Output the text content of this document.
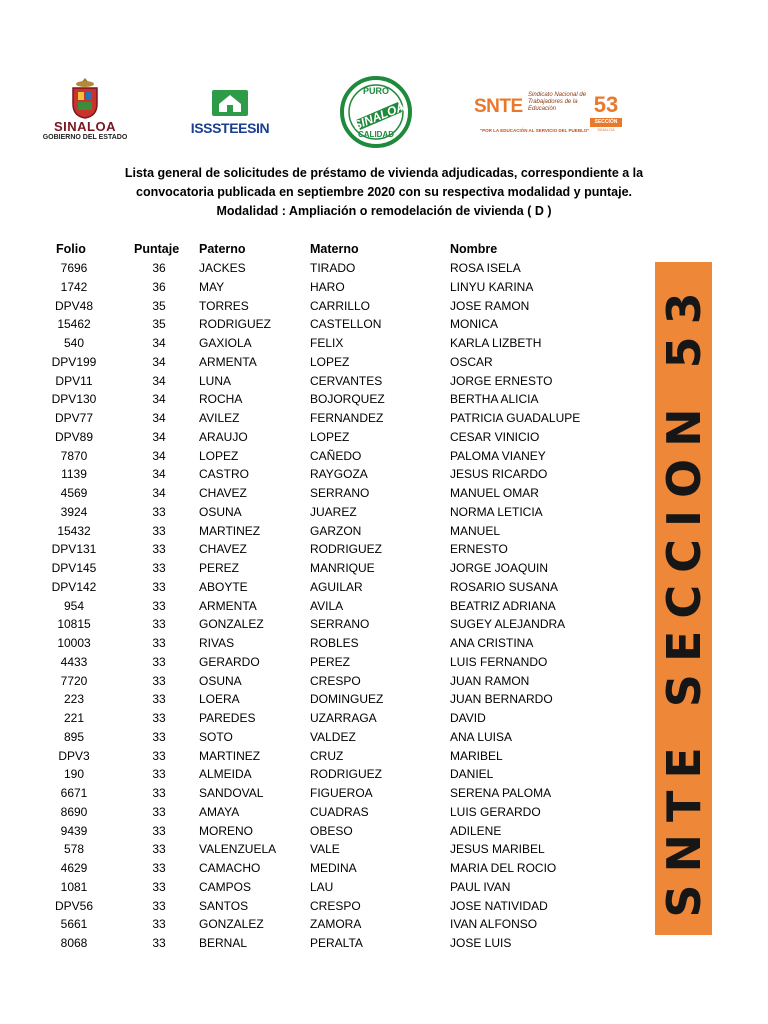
SINALOA
GOBIERNO DEL ESTADO
ISSSTEESIN
PURO
SINALOA
CALIDAD
SNTE
Sindicato Nacional de Trabajadores de la Educación
"POR LA EDUCACIÓN AL SERVICIO DEL PUEBLO"
53
SECCIÓN
SINALOA
Lista general de solicitudes de préstamo de vivienda adjudicadas, correspondiente a la
convocatoria publicada en septiembre 2020 con su respectiva modalidad y puntaje.
Modalidad : Ampliación o remodelación de vivienda ( D )
Folio	Puntaje Paterno	Materno	Nombre
7696	36	JACKES	TIRADO	ROSA ISELA
1742	36	MAY	HARO	LINYU KARINA
DPV48	35	TORRES	CARRILLO	JOSE RAMON
15462	35	RODRIGUEZ	CASTELLON	MONICA
540	34	GAXIOLA	FELIX	KARLA LIZBETH
DPV199	34	ARMENTA	LOPEZ	OSCAR
DPV11	34	LUNA	CERVANTES	JORGE ERNESTO
DPV130	34	ROCHA	BOJORQUEZ	BERTHA ALICIA
DPV77	34	AVILEZ	FERNANDEZ	PATRICIA GUADALUPE
DPV89	34	ARAUJO	LOPEZ	CESAR VINICIO
7870	34	LOPEZ	CAÑEDO	PALOMA VIANEY
1139	34	CASTRO	RAYGOZA	JESUS RICARDO
4569	34	CHAVEZ	SERRANO	MANUEL OMAR
3924	33	OSUNA	JUAREZ	NORMA LETICIA
15432	33	MARTINEZ	GARZON	MANUEL
DPV131	33	CHAVEZ	RODRIGUEZ	ERNESTO
DPV145	33	PEREZ	MANRIQUE	JORGE JOAQUIN
DPV142	33	ABOYTE	AGUILAR	ROSARIO SUSANA
954	33	ARMENTA	AVILA	BEATRIZ ADRIANA
10815	33	GONZALEZ	SERRANO	SUGEY ALEJANDRA
10003	33	RIVAS	ROBLES	ANA CRISTINA
4433	33	GERARDO	PEREZ	LUIS FERNANDO
7720	33	OSUNA	CRESPO	JUAN RAMON
223	33	LOERA	DOMINGUEZ	JUAN BERNARDO
221	33	PAREDES	UZARRAGA	DAVID
895	33	SOTO	VALDEZ	ANA LUISA
DPV3	33	MARTINEZ	CRUZ	MARIBEL
190	33	ALMEIDA	RODRIGUEZ	DANIEL
6671	33	SANDOVAL	FIGUEROA	SERENA PALOMA
8690	33	AMAYA	CUADRAS	LUIS GERARDO
9439	33	MORENO	OBESO	ADILENE
578	33	VALENZUELA	VALE	JESUS MARIBEL
4629	33	CAMACHO	MEDINA	MARIA DEL ROCIO
1081	33	CAMPOS	LAU	PAUL IVAN
DPV56	33	SANTOS	CRESPO	JOSE NATIVIDAD
5661	33	GONZALEZ	ZAMORA	IVAN ALFONSO
8068	33	BERNAL	PERALTA	JOSE LUIS
SNTE SECCION 53
